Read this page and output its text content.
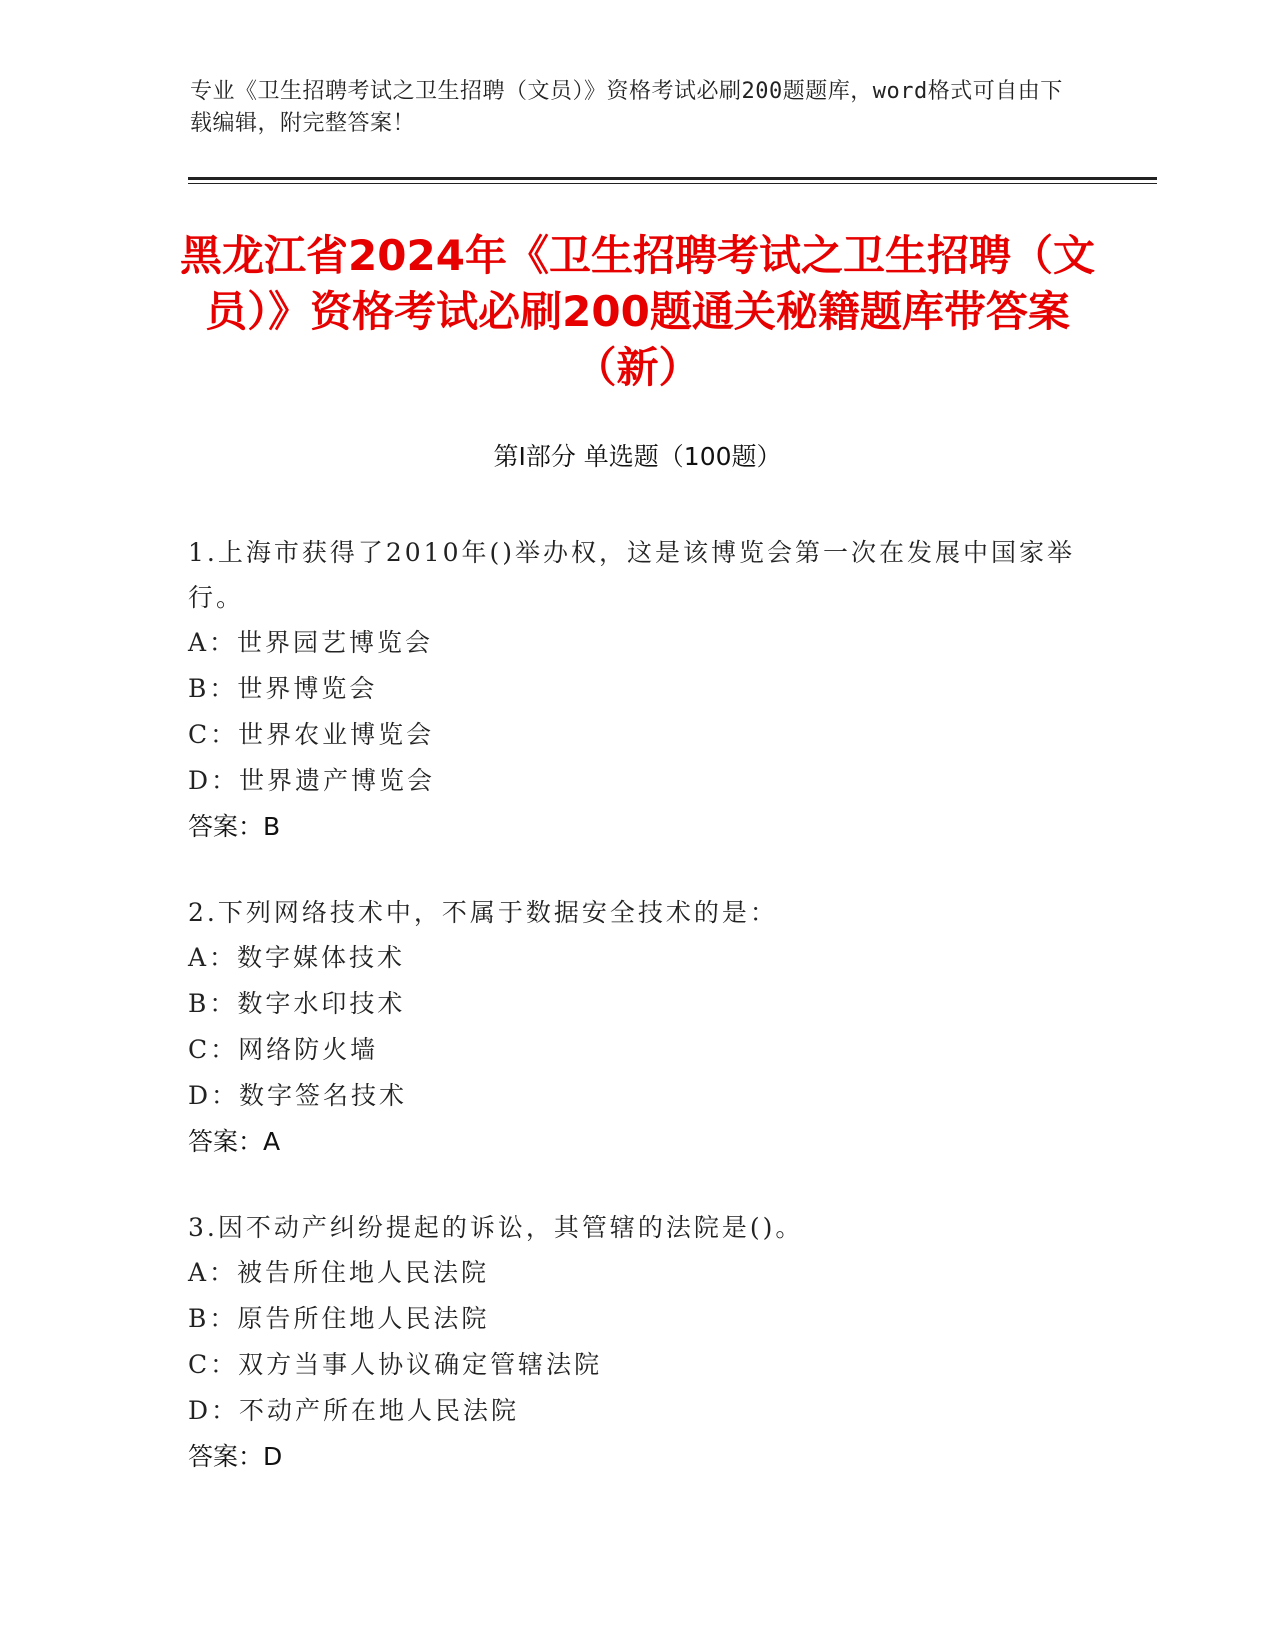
专业《卫生招聘考试之卫生招聘（文员）》资格考试必刷200题题库，word格式可自由下载编辑，附完整答案！
黑龙江省2024年《卫生招聘考试之卫生招聘（文员）》资格考试必刷200题通关秘籍题库带答案（新）
第I部分 单选题（100题）
1.上海市获得了2010年()举办权，这是该博览会第一次在发展中国家举行。
A：世界园艺博览会
B：世界博览会
C：世界农业博览会
D：世界遗产博览会
答案：B
2.下列网络技术中，不属于数据安全技术的是：
A：数字媒体技术
B：数字水印技术
C：网络防火墙
D：数字签名技术
答案：A
3.因不动产纠纷提起的诉讼，其管辖的法院是()。
A：被告所住地人民法院
B：原告所住地人民法院
C：双方当事人协议确定管辖法院
D：不动产所在地人民法院
答案：D
